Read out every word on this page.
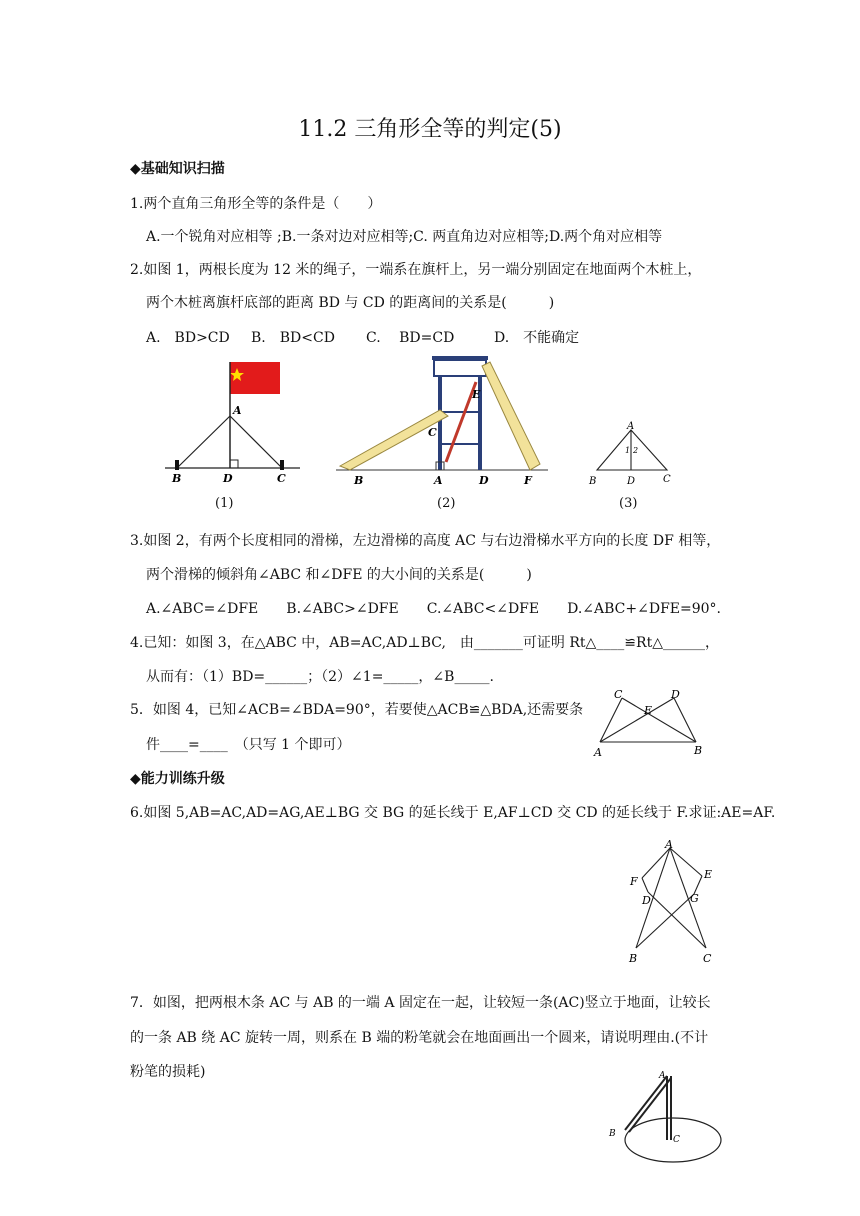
11.2 三角形全等的判定(5)
◆基础知识扫描
1.两个直角三角形全等的条件是（　　）
A.一个锐角对应相等 ;B.一条对边对应相等;C. 两直角边对应相等;D.两个角对应相等
2.如图 1，两根长度为 12 米的绳子，一端系在旗杆上，另一端分别固定在地面两个木桩上，
两个木桩离旗杆底部的距离 BD 与 CD 的距离间的关系是(　　　)
A.　BD>CD B.　BD<CD C.　 BD=CD	D.　不能确定
A
B	D	C
(1)
B	A
C
D
E
F
(2)
A
B	D	C
1 2
(3)
3.如图 2，有两个长度相同的滑梯，左边滑梯的高度 AC 与右边滑梯水平方向的长度 DF 相等，
两个滑梯的倾斜角∠ABC 和∠DFE 的大小间的关系是(　　　)
A.∠ABC=∠DFE　　B.∠ABC>∠DFE　　C.∠ABC<∠DFE　　D.∠ABC+∠DFE=90°.
4.已知：如图 3，在△ABC 中，AB=AC,AD⊥BC,　由_______可证明 Rt△____≌Rt△______，
从而有：（1）BD=______；（2）∠1=_____，∠B_____.
5．如图 4，已知∠ACB=∠BDA=90°，若要使△ACB≌△BDA,还需要条
件____=____　（只写 1 个即可）
C	D
E
A	B
◆能力训练升级
6.如图 5,AB=AC,AD=AG,AE⊥BG 交 BG 的延长线于 E,AF⊥CD 交 CD 的延长线于 F.求证:AE=AF.
A
F
E
D	G
B	C
7．如图，把两根木条 AC 与 AB 的一端 A 固定在一起，让较短一条(AC)竖立于地面，让较长
的一条 AB 绕 AC 旋转一周，则系在 B 端的粉笔就会在地面画出一个圆来，请说明理由.(不计
粉笔的损耗)	A
B
C
